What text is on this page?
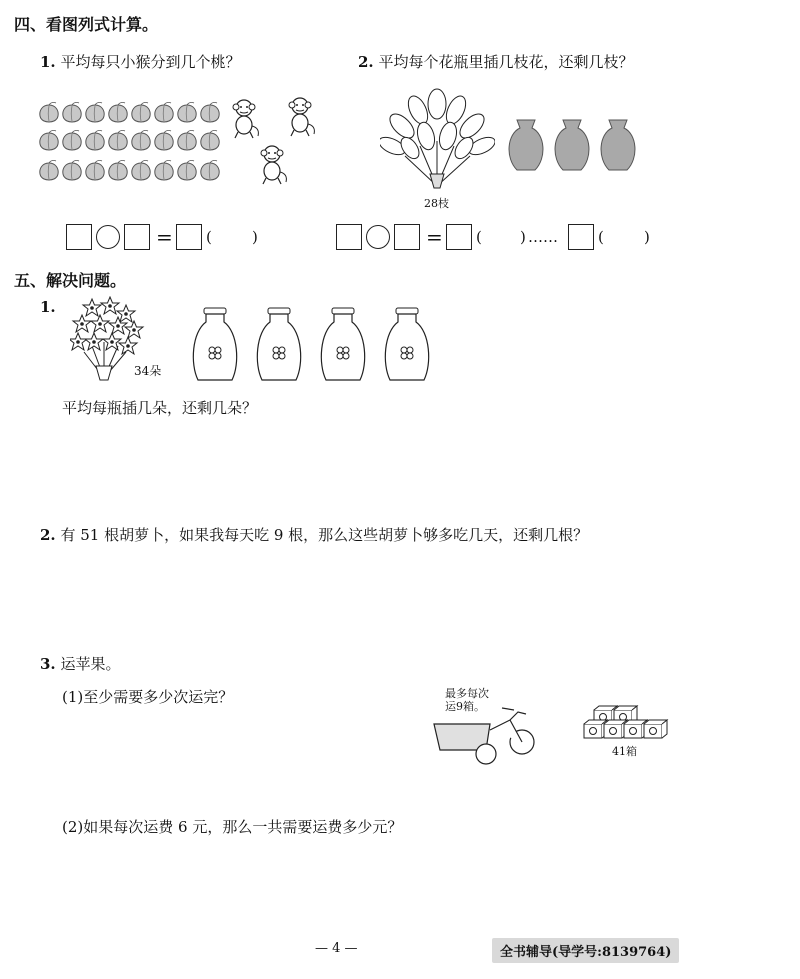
四、看图列式计算。
1. 平均每只小猴分到几个桃？	2. 平均每个花瓶里插几枝花，还剩几枝？
28枝
= (	)	= (	) ……	(	)
五、解决问题。
1.
34朵
平均每瓶插几朵，还剩几朵？
2. 有 51 根胡萝卜，如果我每天吃 9 根，那么这些胡萝卜够多吃几天，还剩几根？
3. 运苹果。
(1)至少需要多少次运完？	最多每次
运9箱。
41箱
(2)如果每次运费 6 元，那么一共需要运费多少元？
— 4 —	全书辅导(导学号:8139764)
